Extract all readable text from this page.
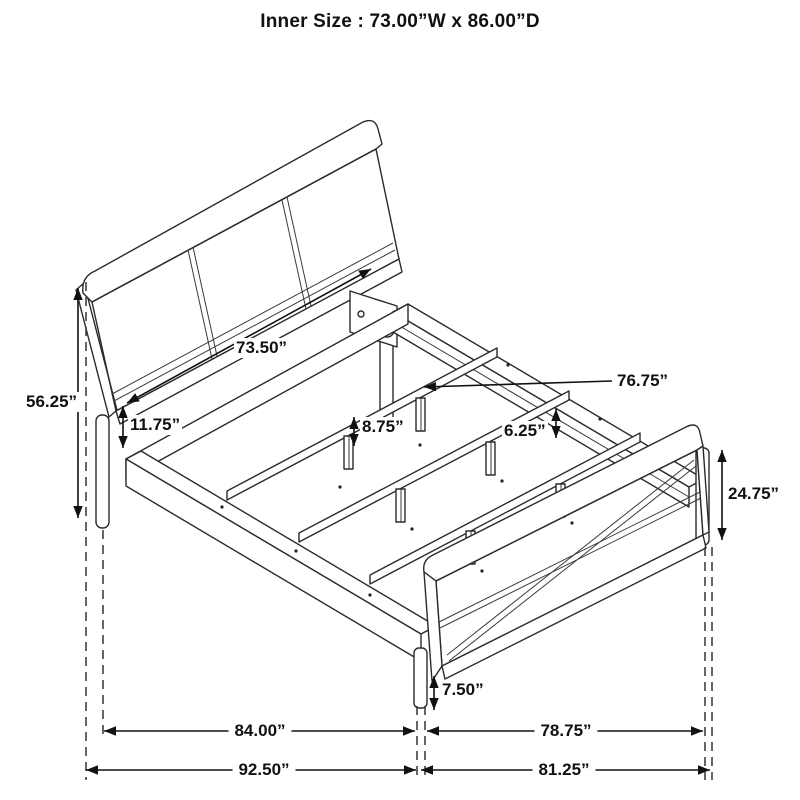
Inner Size : 73.00”W x 86.00”D
73.50”
76.75”
56.25”
11.75”	8.75”	6.25”
24.75”
7.50”
84.00”	78.75”
92.50”	81.25”
